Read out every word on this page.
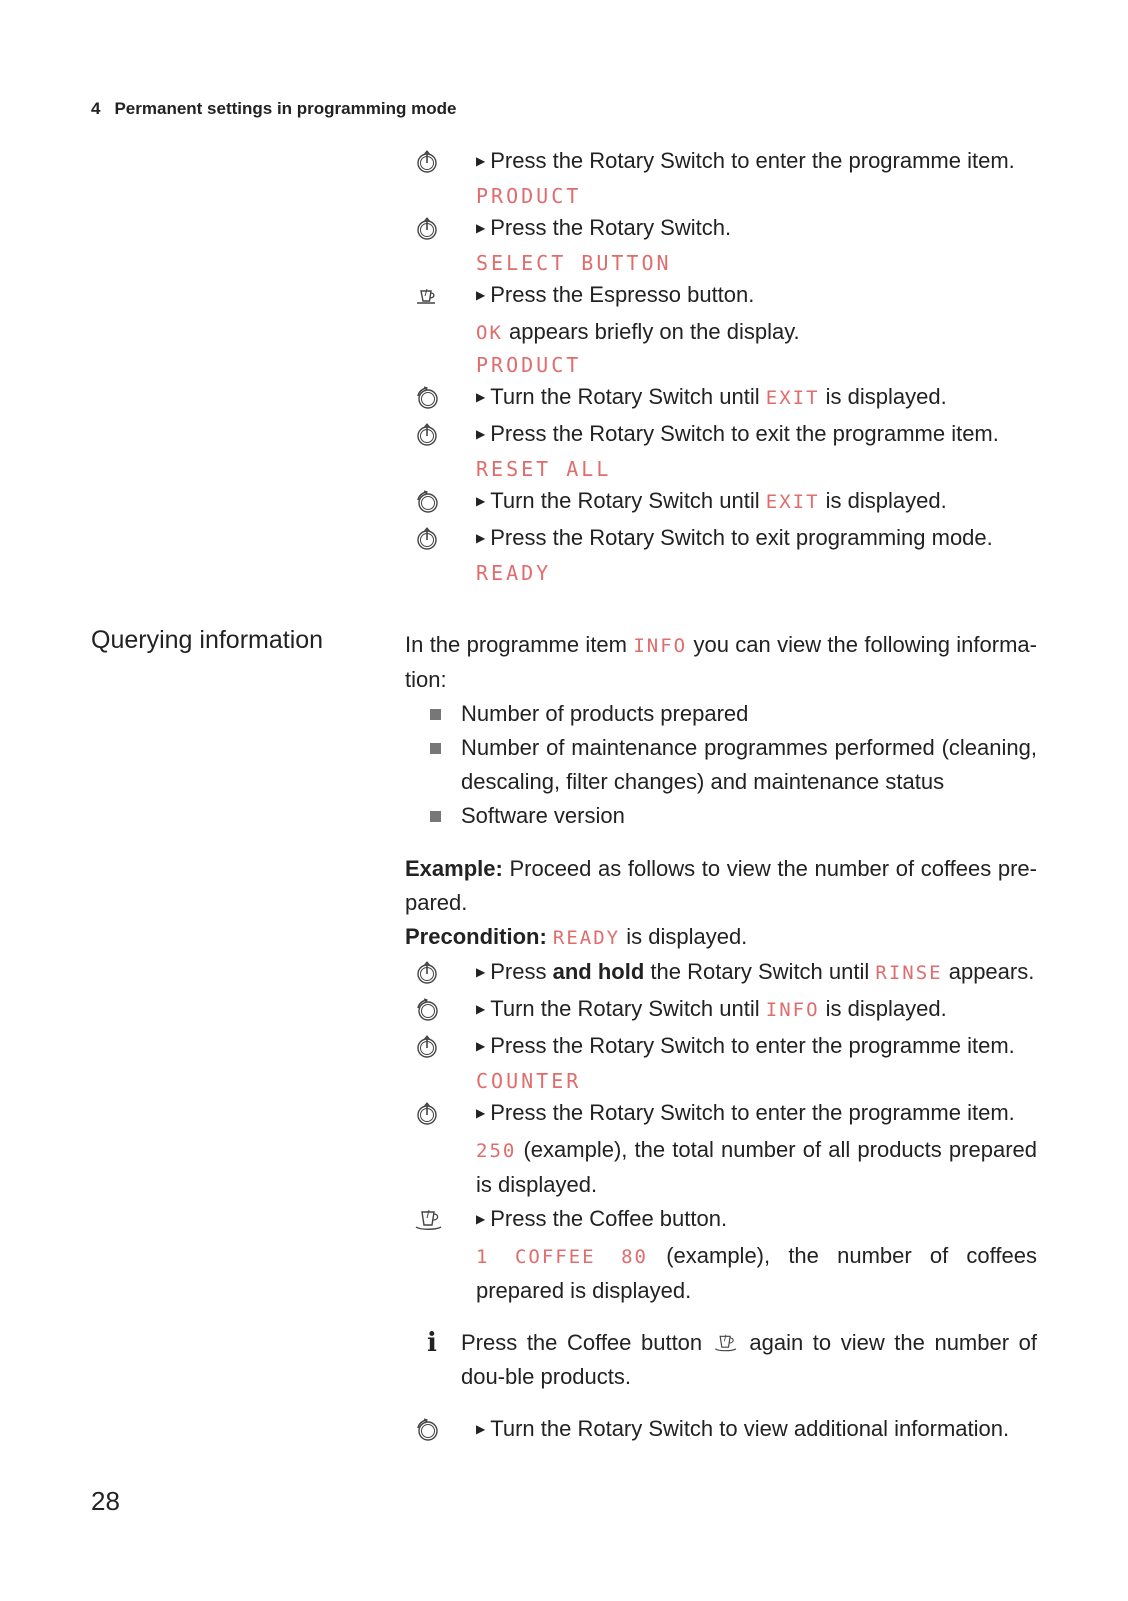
4 Permanent settings in programming mode
▶ Press the Rotary Switch to enter the programme item.
PRODUCT
▶ Press the Rotary Switch.
SELECT BUTTON
▶ Press the Espresso button.
OK appears briefly on the display.
PRODUCT
▶ Turn the Rotary Switch until EXIT is displayed.
▶ Press the Rotary Switch to exit the programme item.
RESET ALL
▶ Turn the Rotary Switch until EXIT is displayed.
▶ Press the Rotary Switch to exit programming mode.
READY
In the programme item INFO you can view the following informa-tion:
Number of products prepared
Number of maintenance programmes performed (cleaning, descaling, filter changes) and maintenance status
Software version
Example: Proceed as follows to view the number of coffees pre-pared.
Precondition: READY is displayed.
▶ Press and hold the Rotary Switch until RINSE appears.
▶ Turn the Rotary Switch until INFO is displayed.
▶ Press the Rotary Switch to enter the programme item.
COUNTER
▶ Press the Rotary Switch to enter the programme item.
250 (example), the total number of all products prepared is displayed.
▶ Press the Coffee button.
1 COFFEE 80 (example), the number of coffees prepared is displayed.
i Press the Coffee button again to view the number of dou-ble products.
▶ Turn the Rotary Switch to view additional information.
Querying information
28
